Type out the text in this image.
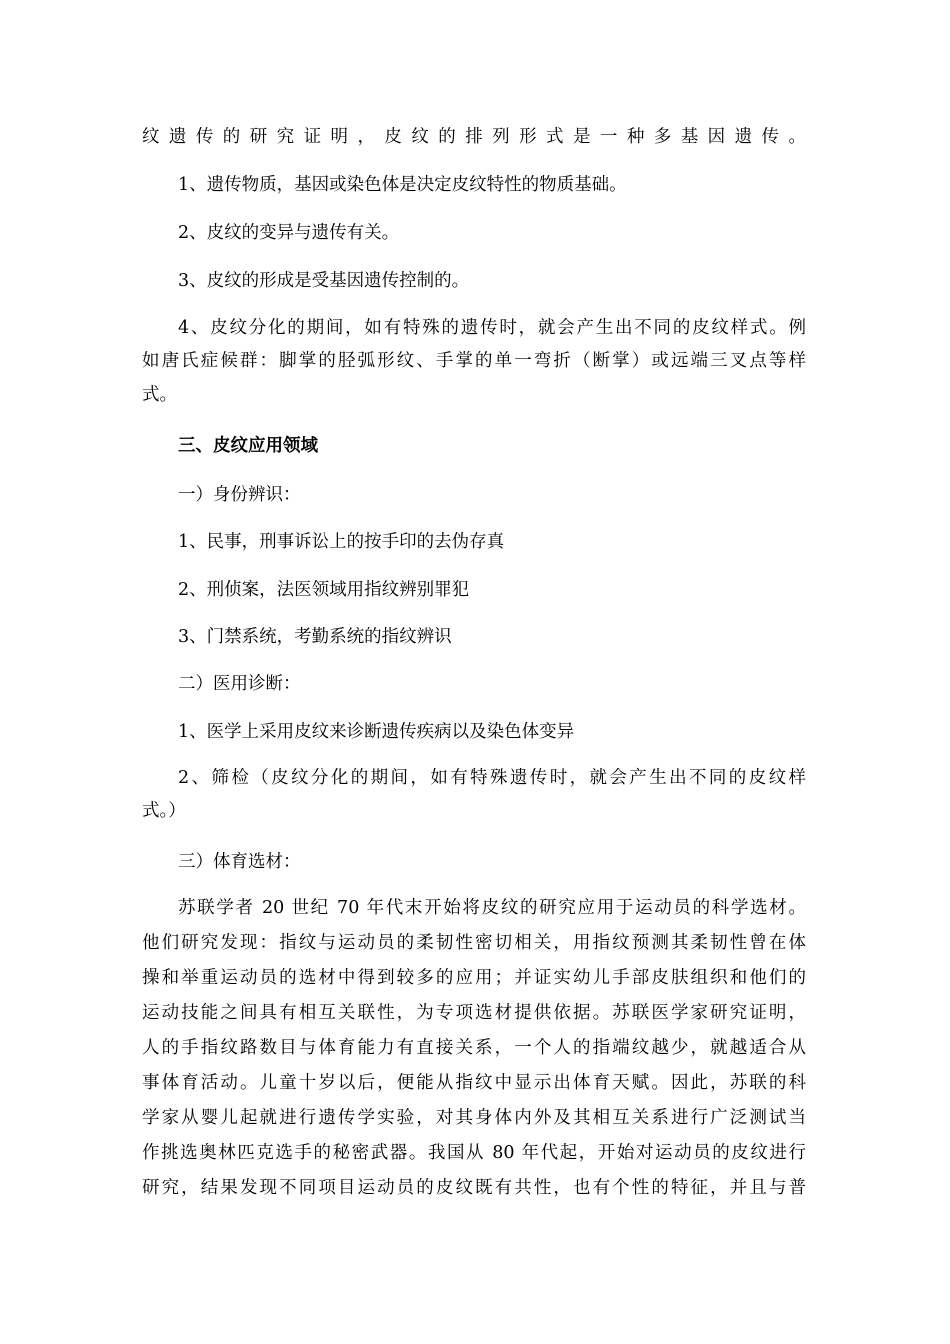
纹遗传的研究证明，皮纹的排列形式是一种多基因遗传。

1、遗传物质，基因或染色体是决定皮纹特性的物质基础。

2、皮纹的变异与遗传有关。

3、皮纹的形成是受基因遗传控制的。

4、皮纹分化的期间，如有特殊的遗传时，就会产生出不同的皮纹样式。例

如唐氏症候群：脚掌的胫弧形纹、手掌的单一弯折（断掌）或远端三叉点等样

式。

三、皮纹应用领域

一）身份辨识：

1、民事，刑事诉讼上的按手印的去伪存真

2、刑侦案，法医领域用指纹辨别罪犯

3、门禁系统，考勤系统的指纹辨识

二）医用诊断：

1、医学上采用皮纹来诊断遗传疾病以及染色体变异

2、筛检（皮纹分化的期间，如有特殊遗传时，就会产生出不同的皮纹样

式。）

三）体育选材：

苏联学者 20 世纪 70 年代末开始将皮纹的研究应用于运动员的科学选材。

他们研究发现：指纹与运动员的柔韧性密切相关，用指纹预测其柔韧性曾在体

操和举重运动员的选材中得到较多的应用；并证实幼儿手部皮肤组织和他们的

运动技能之间具有相互关联性，为专项选材提供依据。苏联医学家研究证明，

人的手指纹路数目与体育能力有直接关系，一个人的指端纹越少，就越适合从

事体育活动。儿童十岁以后，便能从指纹中显示出体育天赋。因此，苏联的科

学家从婴儿起就进行遗传学实验，对其身体内外及其相互关系进行广泛测试当

作挑选奥林匹克选手的秘密武器。我国从 80 年代起，开始对运动员的皮纹进行

研究，结果发现不同项目运动员的皮纹既有共性，也有个性的特征，并且与普
